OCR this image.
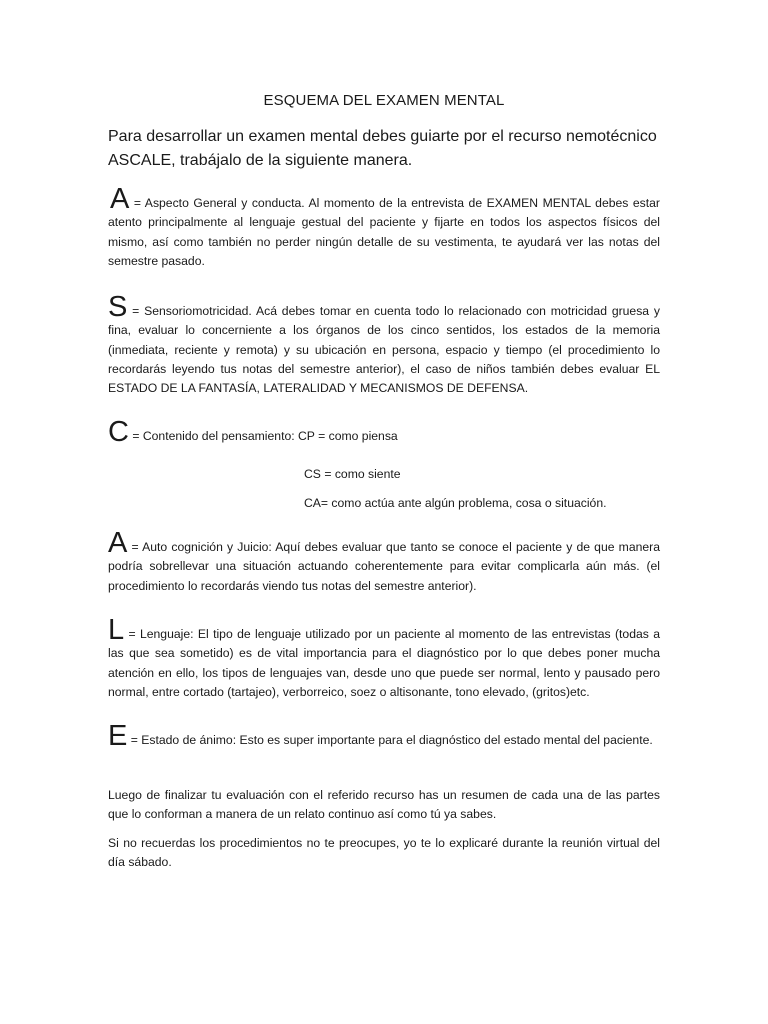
ESQUEMA DEL EXAMEN MENTAL
Para desarrollar un examen mental debes guiarte por el recurso nemotécnico ASCALE, trabájalo de la siguiente manera.
A = Aspecto General y conducta. Al momento de la entrevista de EXAMEN MENTAL debes estar atento principalmente al lenguaje gestual del paciente y fijarte en todos los aspectos físicos del mismo, así como también no perder ningún detalle de su vestimenta, te ayudará ver las notas del semestre pasado.
S = Sensoriomotricidad. Acá debes tomar en cuenta todo lo relacionado con motricidad gruesa y fina, evaluar lo concerniente a los órganos de los cinco sentidos, los estados de la memoria (inmediata, reciente y remota) y su ubicación en persona, espacio y tiempo (el procedimiento lo recordarás leyendo tus notas del semestre anterior), el caso de niños también debes evaluar EL ESTADO DE LA FANTASÍA, LATERALIDAD Y MECANISMOS DE DEFENSA.
C = Contenido del pensamiento: CP = como piensa
CS = como siente
CA= como actúa ante algún problema, cosa o situación.
A = Auto cognición y Juicio: Aquí debes evaluar que tanto se conoce el paciente y de que manera podría sobrellevar una situación actuando coherentemente para evitar complicarla aún más. (el procedimiento lo recordarás viendo tus notas del semestre anterior).
L = Lenguaje: El tipo de lenguaje utilizado por un paciente al momento de las entrevistas (todas a las que sea sometido) es de vital importancia para el diagnóstico por lo que debes poner mucha atención en ello, los tipos de lenguajes van, desde uno que puede ser normal, lento y pausado pero normal, entre cortado (tartajeo), verborreico, soez o altisonante, tono elevado, (gritos)etc.
E = Estado de ánimo: Esto es super importante para el diagnóstico del estado mental del paciente.
Luego de finalizar tu evaluación con el referido recurso has un resumen de cada una de las partes que lo conforman a manera de un relato continuo así como tú ya sabes.
Si no recuerdas los procedimientos no te preocupes, yo te lo explicaré durante la reunión virtual del día sábado.
